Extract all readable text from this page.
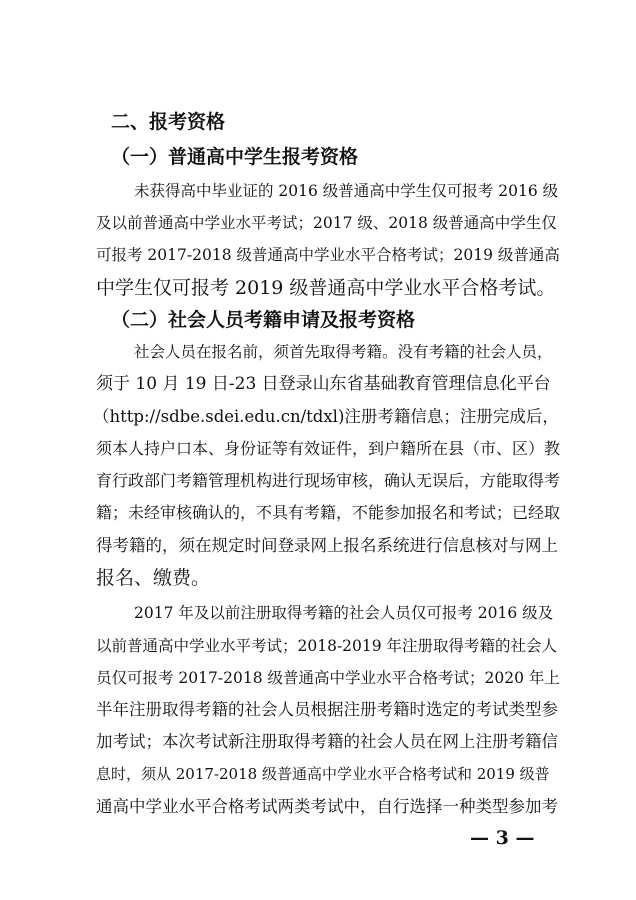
二、报考资格
（一）普通高中学生报考资格
未获得高中毕业证的 2016 级普通高中学生仅可报考 2016 级
及以前普通高中学业水平考试；2017 级、2018 级普通高中学生仅
可报考 2017-2018 级普通高中学业水平合格考试；2019 级普通高
中学生仅可报考 2019 级普通高中学业水平合格考试。
（二）社会人员考籍申请及报考资格
社会人员在报名前，须首先取得考籍。没有考籍的社会人员，
须于 10 月 19 日-23 日登录山东省基础教育管理信息化平台
（http://sdbe.sdei.edu.cn/tdxl)注册考籍信息；注册完成后，
须本人持户口本、身份证等有效证件，到户籍所在县（市、区）教
育行政部门考籍管理机构进行现场审核，确认无误后，方能取得考
籍；未经审核确认的，不具有考籍，不能参加报名和考试；已经取
得考籍的，须在规定时间登录网上报名系统进行信息核对与网上
报名、缴费。
2017 年及以前注册取得考籍的社会人员仅可报考 2016 级及
以前普通高中学业水平考试；2018-2019 年注册取得考籍的社会人
员仅可报考 2017-2018 级普通高中学业水平合格考试；2020 年上
半年注册取得考籍的社会人员根据注册考籍时选定的考试类型参
加考试；本次考试新注册取得考籍的社会人员在网上注册考籍信
息时，须从 2017-2018 级普通高中学业水平合格考试和 2019 级普
通高中学业水平合格考试两类考试中，自行选择一种类型参加考
— 3 —
